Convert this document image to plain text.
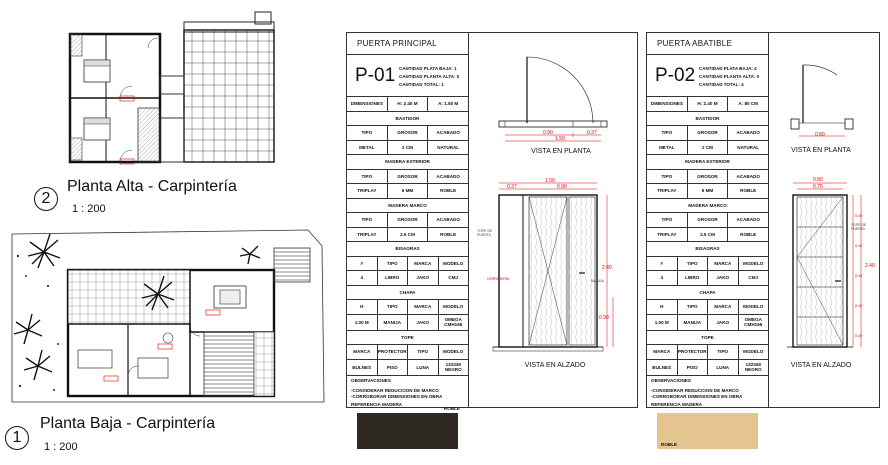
2
Planta Alta - Carpintería
1 : 200
1
Planta Baja - Carpintería
1 : 200
PUERTA PRINCIPAL
P-01 CANTIDAD PLATA BAJA: 1
CANTIDAD PLANTA ALTA: 0
CANTIDAD TOTAL: 1
DIMENSIONES	H: 2.40 M	A: 1.50 M
BASTIDOR
TIPO	GROSOR	ACABADO
METAL	2 CM	NATURAL
MADERA EXTERIOR
TIPO	GROSOR	ACABADO
TRIPLAY	6 MM	ROBLE
MADERA MARCO
TIPO	GROSOR	ACABADO
TRIPLAY	2.5 CM	ROBLE
BISAGRAS
#	TIPO	MARCA	MODELO
4	LIBRO	JAKO	CMJ
CHAPA
H	TIPO	MARCA	MODELO
1.00 M	MANIJA	JAKO	OMEGA CMH166
TOPE
MARCA	PROTECTOR	TIPO	MODELO
BULNES	PISO	LUNA	132349 NEGRO
OBSERVACIONES
-CONSIDERAR REDUCCION DE MARCO
-CORROBORAR DIMENSIONES EN OBRA
REFERENCIA MADERA
ROBLE
0.90	0.37
1.50
VISTA EN PLANTA
1.50
0.37	0.90
2.40
0.90
TOPE DE PUERTA
CERRAJERIA	MANIJA
VISTA EN ALZADO
PUERTA ABATIBLE
P-02 CANTIDAD PLATA BAJA: 4
CANTIDAD PLANTA ALTA: 0
CANTIDAD TOTAL: 4
DIMENSIONES	H: 2.40 M	A: 80 CM
BASTIDOR
TIPO	GROSOR	ACABADO
METAL	2 CM	NATURAL
MADERA EXTERIOR
TIPO	GROSOR	ACABADO
TRIPLAY	6 MM	ROBLE
MADERA MARCO
TIPO	GROSOR	ACABADO
TRIPLAY	2.5 CM	ROBLE
BISAGRAS
#	TIPO	MARCA	MODELO
4	LIBRO	JAKO	CMJ
CHAPA
H	TIPO	MARCA	MODELO
1.00 M	MANIJA	JAKO	OMEGA CMH166
TOPE
MARCA	PROTECTOR	TIPO	MODELO
BULNES	PISO	LUNA	132349 NEGRO
OBSERVACIONES
-CONSIDERAR REDUCCION DE MARCO
-CORROBORAR DIMENSIONES EN OBRA
REFERENCIA MADERA
ROBLE
0.80
VISTA EN PLANTA
0.80
0.75
2.40
0.47
0.47
0.47
0.47
0.47
TOPE DE PUERTA
VISTA EN ALZADO
